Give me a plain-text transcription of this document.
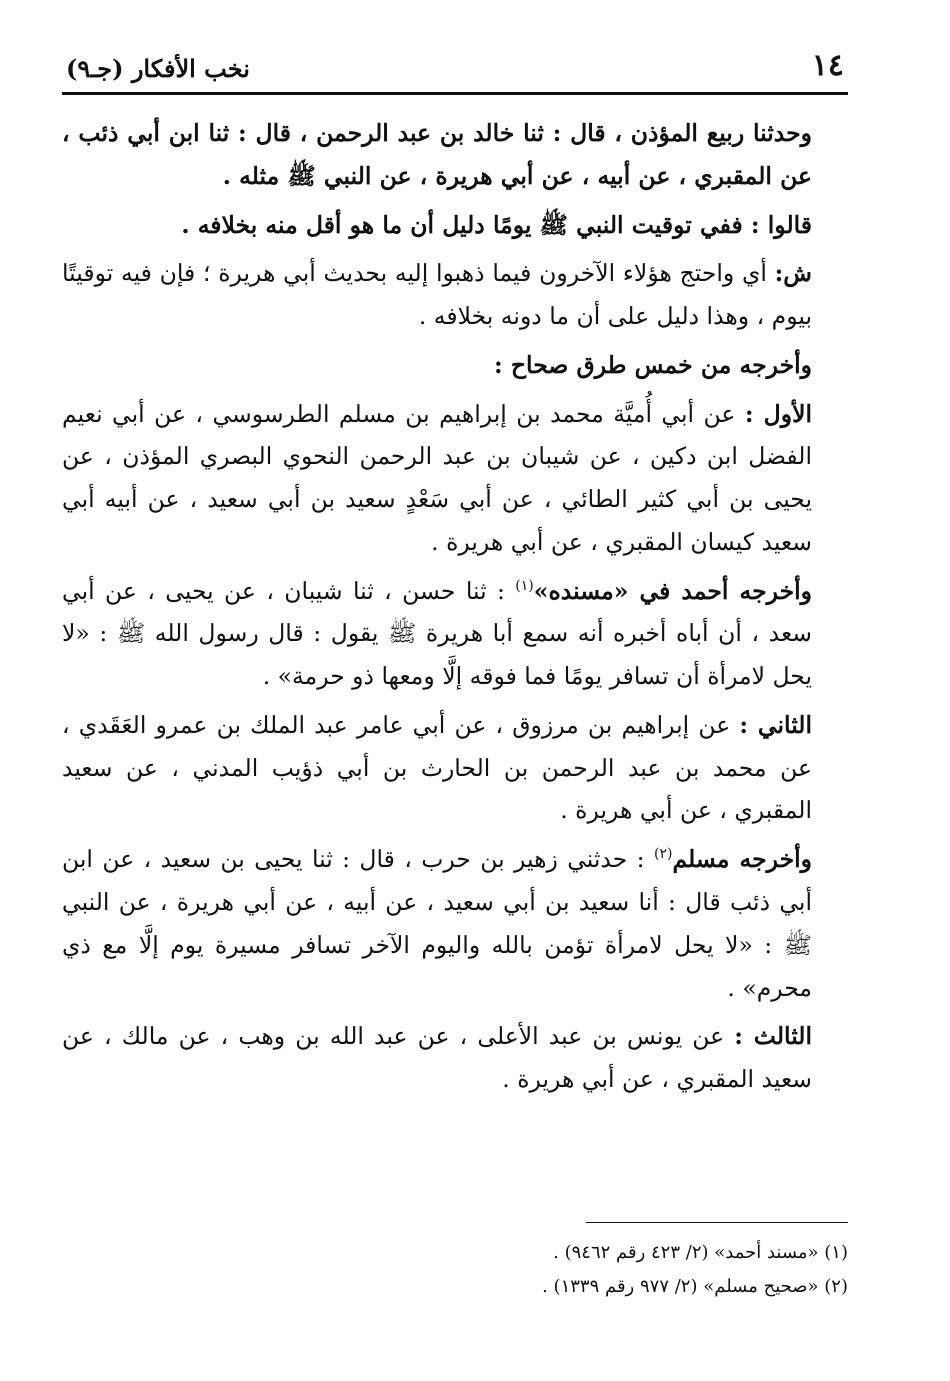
١٤
نخب الأفكار (جـ٩)

وحدثنا ربيع المؤذن ، قال : ثنا خالد بن عبد الرحمن ، قال : ثنا ابن أبي ذئب ، عن المقبري ، عن أبيه ، عن أبي هريرة ، عن النبي ﷺ مثله .

قالوا : ففي توقيت النبي ﷺ يومًا دليل أن ما هو أقل منه بخلافه .

ش: أي واحتج هؤلاء الآخرون فيما ذهبوا إليه بحديث أبي هريرة ؛ فإن فيه توقيتًا بيوم ، وهذا دليل على أن ما دونه بخلافه .

وأخرجه من خمس طرق صحاح :

الأول : عن أبي أُميَّة محمد بن إبراهيم بن مسلم الطرسوسي ، عن أبي نعيم الفضل ابن دكين ، عن شيبان بن عبد الرحمن النحوي البصري المؤذن ، عن يحيى بن أبي كثير الطائي ، عن أبي سَعْدٍ سعيد بن أبي سعيد ، عن أبيه أبي سعيد كيسان المقبري ، عن أبي هريرة .

وأخرجه أحمد في «مسنده»$^{(١)}$ : ثنا حسن ، ثنا شيبان ، عن يحيى ، عن أبي سعد ، أن أباه أخبره أنه سمع أبا هريرة ﷺ يقول : قال رسول الله ﷺ : «لا يحل لامرأة أن تسافر يومًا فما فوقه إلَّا ومعها ذو حرمة» .

الثاني : عن إبراهيم بن مرزوق ، عن أبي عامر عبد الملك بن عمرو العَقَدي ، عن محمد بن عبد الرحمن بن الحارث بن أبي ذؤيب المدني ، عن سعيد المقبري ، عن أبي هريرة .

وأخرجه مسلم$^{(٢)}$ : حدثني زهير بن حرب ، قال : ثنا يحيى بن سعيد ، عن ابن أبي ذئب قال : أنا سعيد بن أبي سعيد ، عن أبيه ، عن أبي هريرة ، عن النبي ﷺ : «لا يحل لامرأة تؤمن بالله واليوم الآخر تسافر مسيرة يوم إلَّا مع ذي محرم» .

الثالث : عن يونس بن عبد الأعلى ، عن عبد الله بن وهب ، عن مالك ، عن سعيد المقبري ، عن أبي هريرة .

(١) «مسند أحمد» (٢/ ٤٢٣ رقم ٩٤٦٢) .

(٢) «صحيح مسلم» (٢/ ٩٧٧ رقم ١٣٣٩) .
